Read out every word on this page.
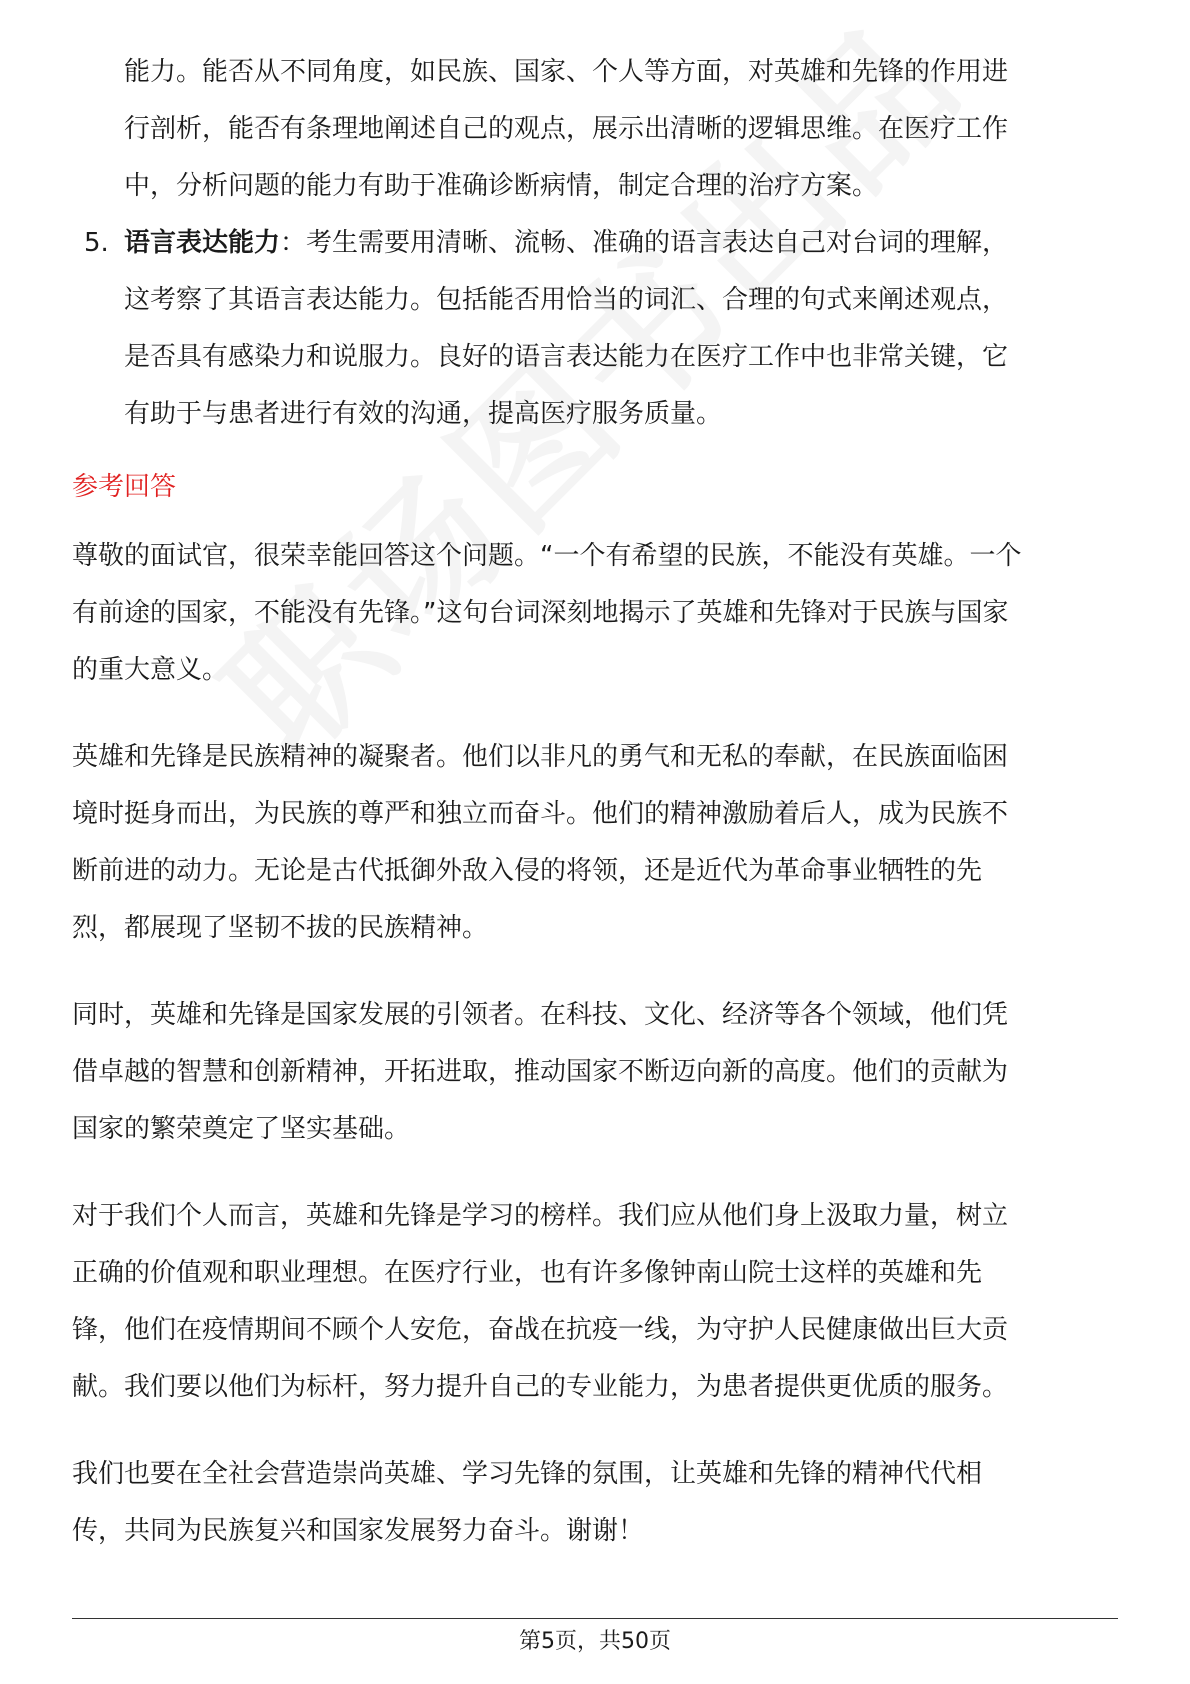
能力。能否从不同角度，如民族、国家、个人等方面，对英雄和先锋的作用进
行剖析，能否有条理地阐述自己的观点，展示出清晰的逻辑思维。在医疗工作
中，分析问题的能力有助于准确诊断病情，制定合理的治疗方案。
5. 语言表达能力：考生需要用清晰、流畅、准确的语言表达自己对台词的理解，
这考察了其语言表达能力。包括能否用恰当的词汇、合理的句式来阐述观点，
是否具有感染力和说服力。良好的语言表达能力在医疗工作中也非常关键，它
有助于与患者进行有效的沟通，提高医疗服务质量。
参考回答
尊敬的面试官，很荣幸能回答这个问题。“一个有希望的民族，不能没有英雄。一个
有前途的国家，不能没有先锋。”这句台词深刻地揭示了英雄和先锋对于民族与国家
的重大意义。
英雄和先锋是民族精神的凝聚者。他们以非凡的勇气和无私的奉献，在民族面临困
境时挺身而出，为民族的尊严和独立而奋斗。他们的精神激励着后人，成为民族不
断前进的动力。无论是古代抵御外敌入侵的将领，还是近代为革命事业牺牲的先
烈，都展现了坚韧不拔的民族精神。
同时，英雄和先锋是国家发展的引领者。在科技、文化、经济等各个领域，他们凭
借卓越的智慧和创新精神，开拓进取，推动国家不断迈向新的高度。他们的贡献为
国家的繁荣奠定了坚实基础。
对于我们个人而言，英雄和先锋是学习的榜样。我们应从他们身上汲取力量，树立
正确的价值观和职业理想。在医疗行业，也有许多像钟南山院士这样的英雄和先
锋，他们在疫情期间不顾个人安危，奋战在抗疫一线，为守护人民健康做出巨大贡
献。我们要以他们为标杆，努力提升自己的专业能力，为患者提供更优质的服务。
我们也要在全社会营造崇尚英雄、学习先锋的氛围，让英雄和先锋的精神代代相
传，共同为民族复兴和国家发展努力奋斗。谢谢！
第5页，共50页
